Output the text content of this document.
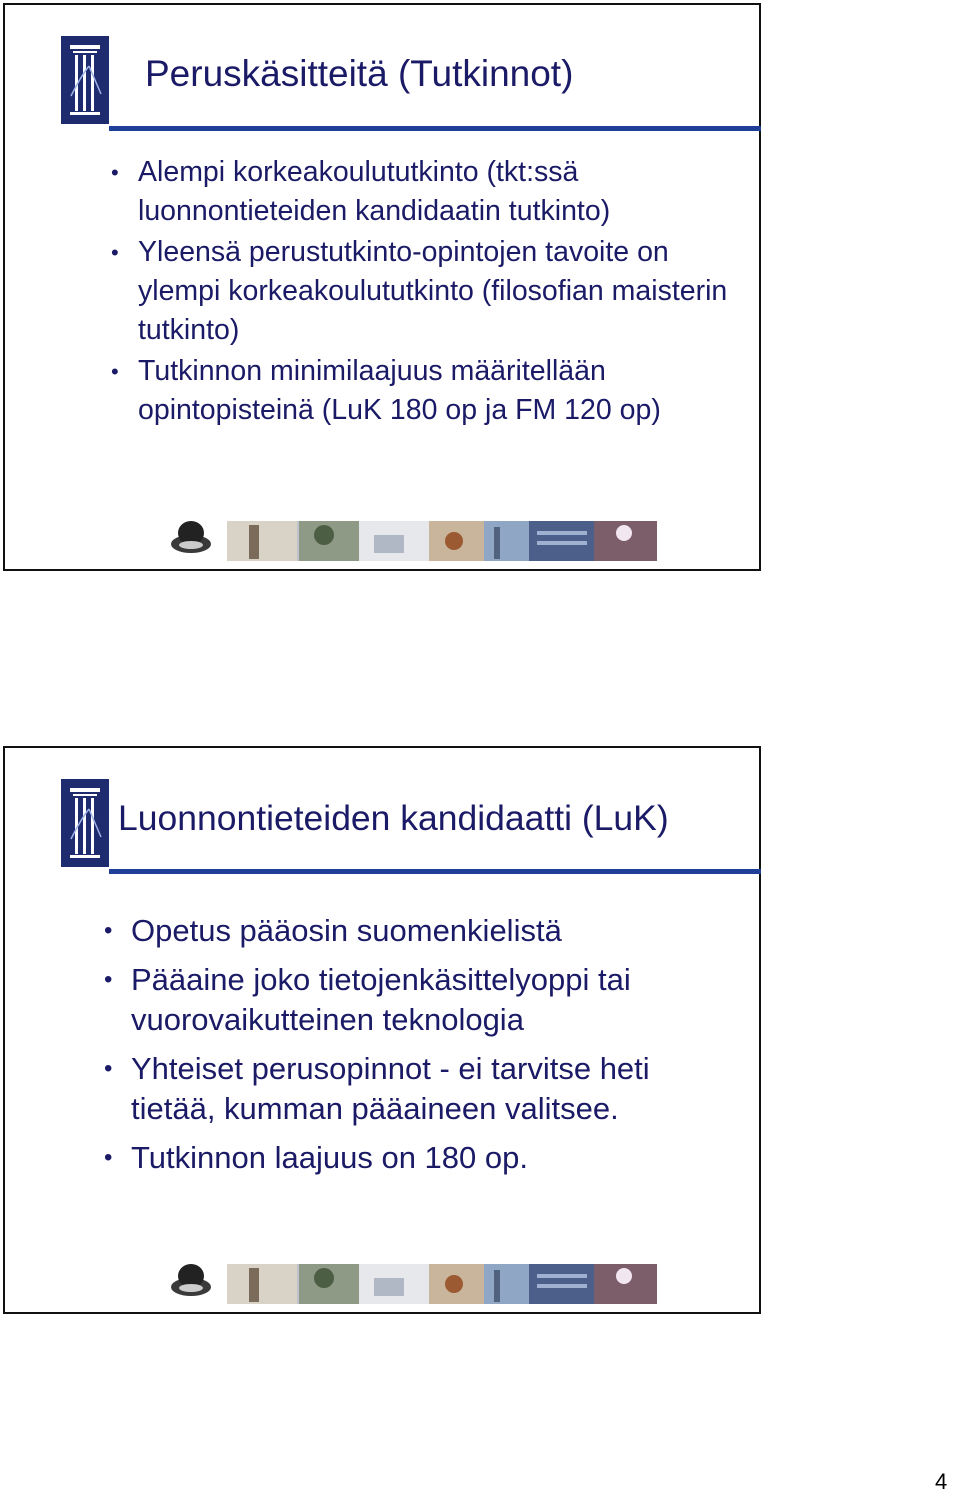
Peruskäsitteitä (Tutkinnot)
• Alempi korkeakoulututkinto (tkt:ssä luonnontieteiden kandidaatin tutkinto)
• Yleensä perustutkinto-opintojen tavoite on ylempi korkeakoulututkinto (filosofian maisterin tutkinto)
• Tutkinnon minimilaajuus määritellään opintopisteinä (LuK 180 op ja FM 120 op)
Luonnontieteiden kandidaatti (LuK)
• Opetus pääosin suomenkielistä
• Pääaine joko tietojenkäsittelyoppi tai vuorovaikutteinen teknologia
• Yhteiset perusopinnot - ei tarvitse heti tietää, kumman pääaineen valitsee.
• Tutkinnon laajuus on 180 op.
4
